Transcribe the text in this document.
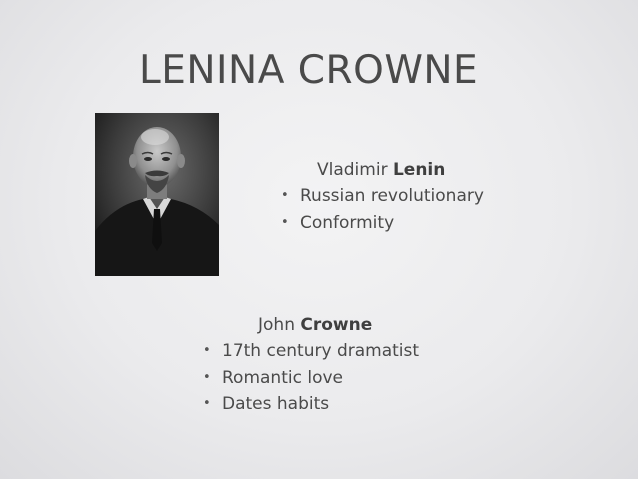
LENINA CROWNE
Vladimir Lenin
• Russian revolutionary
• Conformity
John Crowne
• 17th century dramatist
• Romantic love
• Dates habits
